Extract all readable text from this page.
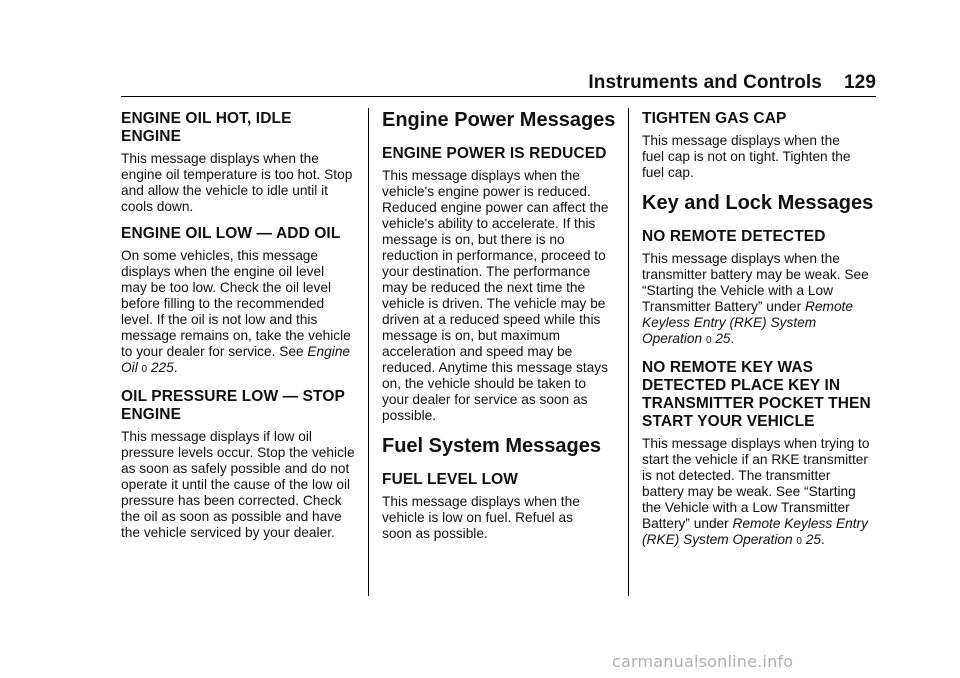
Instruments and Controls 129
ENGINE OIL HOT, IDLE ENGINE

This message displays when the engine oil temperature is too hot. Stop and allow the vehicle to idle until it cools down.

ENGINE OIL LOW — ADD OIL

On some vehicles, this message displays when the engine oil level may be too low. Check the oil level before filling to the recommended level. If the oil is not low and this message remains on, take the vehicle to your dealer for service. See Engine Oil 0 225.

OIL PRESSURE LOW — STOP ENGINE

This message displays if low oil pressure levels occur. Stop the vehicle as soon as safely possible and do not operate it until the cause of the low oil pressure has been corrected. Check the oil as soon as possible and have the vehicle serviced by your dealer.

Engine Power Messages
ENGINE POWER IS REDUCED

This message displays when the vehicle's engine power is reduced. Reduced engine power can affect the vehicle's ability to accelerate. If this message is on, but there is no reduction in performance, proceed to your destination. The performance may be reduced the next time the vehicle is driven. The vehicle may be driven at a reduced speed while this message is on, but maximum acceleration and speed may be reduced. Anytime this message stays on, the vehicle should be taken to your dealer for service as soon as possible.

Fuel System Messages
FUEL LEVEL LOW

This message displays when the vehicle is low on fuel. Refuel as soon as possible.

TIGHTEN GAS CAP

This message displays when the fuel cap is not on tight. Tighten the fuel cap.

Key and Lock Messages
NO REMOTE DETECTED

This message displays when the transmitter battery may be weak. See “Starting the Vehicle with a Low Transmitter Battery” under Remote Keyless Entry (RKE) System Operation 0 25.

NO REMOTE KEY WAS DETECTED PLACE KEY IN TRANSMITTER POCKET THEN START YOUR VEHICLE

This message displays when trying to start the vehicle if an RKE transmitter is not detected. The transmitter battery may be weak. See “Starting the Vehicle with a Low Transmitter Battery” under Remote Keyless Entry (RKE) System Operation 0 25.

carmanualsonline.info
